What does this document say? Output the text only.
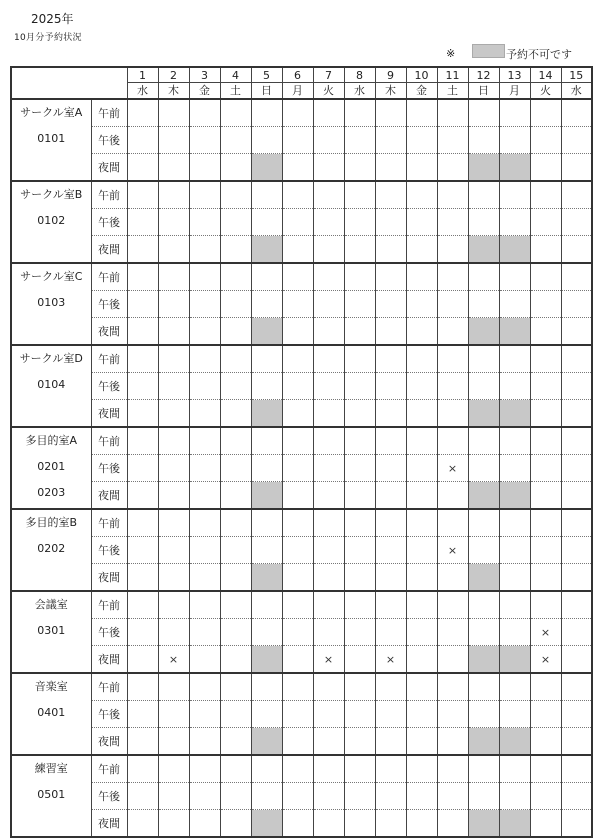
2025年
10月分予約状況
※	予約不可です
		1	2	3	4	5	6	7	8	9	10	11	12	13	14	15
		水	木	金	土	日	月	火	水	木	金	土	日	月	火	水

サークル室A
0101	午前															
	午後															
	夜間															

サークル室B
0102	午前															
	午後															
	夜間															

サークル室C
0103	午前															
	午後															
	夜間															

サークル室D
0104	午前															
	午後															
	夜間															

多目的室A
0201
0203	午前															
	午後											×				
	夜間															

多目的室B
0202	午前															
	午後											×				
	夜間															

会議室
0301	午前															
	午後														×	
	夜間		×					×		×					×	

音楽室
0401	午前															
	午後															
	夜間															

練習室
0501	午前															
	午後															
	夜間															
